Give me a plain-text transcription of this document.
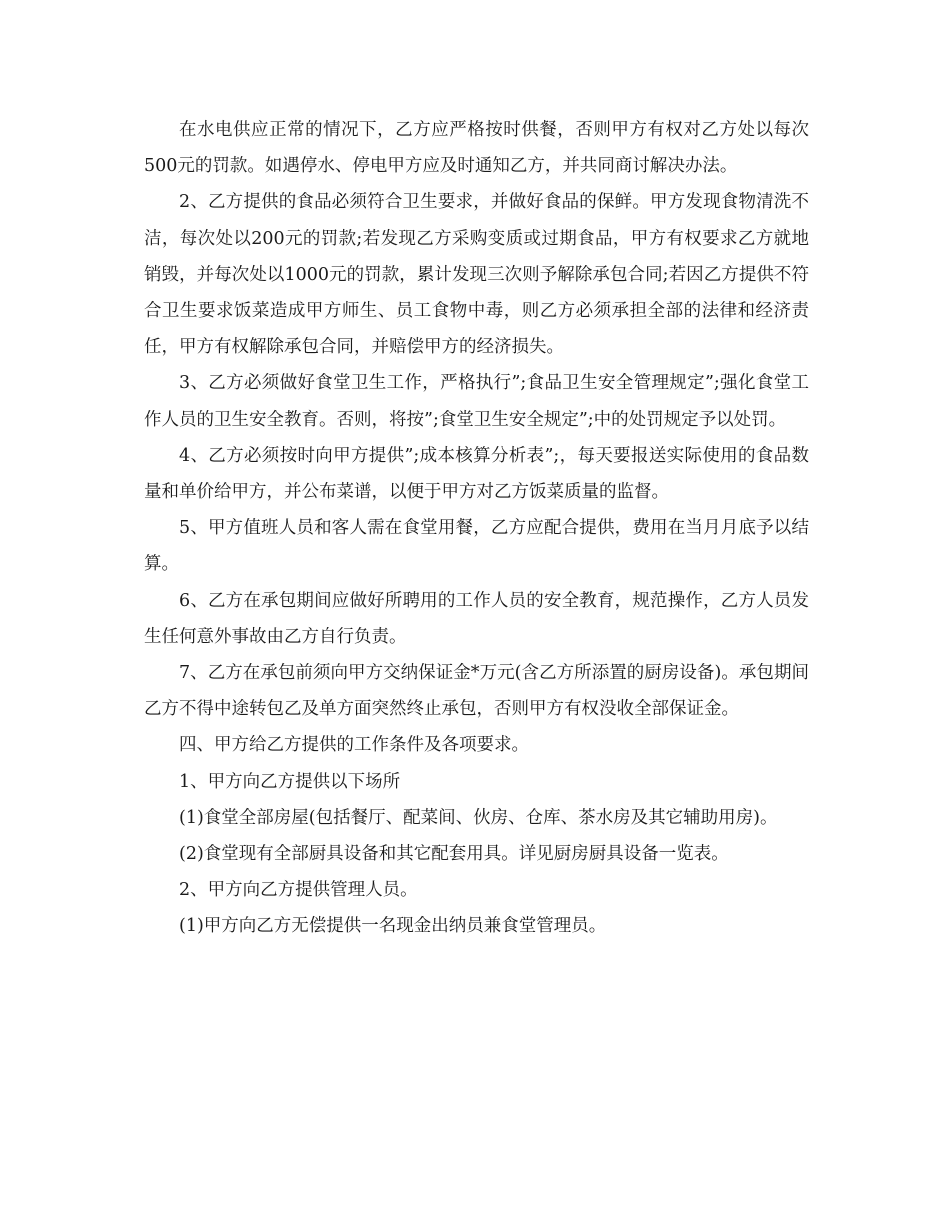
在水电供应正常的情况下，乙方应严格按时供餐，否则甲方有权对乙方处以每次500元的罚款。如遇停水、停电甲方应及时通知乙方，并共同商讨解决办法。

2、乙方提供的食品必须符合卫生要求，并做好食品的保鲜。甲方发现食物清洗不洁，每次处以200元的罚款;若发现乙方采购变质或过期食品，甲方有权要求乙方就地销毁，并每次处以1000元的罚款，累计发现三次则予解除承包合同;若因乙方提供不符合卫生要求饭菜造成甲方师生、员工食物中毒，则乙方必须承担全部的法律和经济责任，甲方有权解除承包合同，并赔偿甲方的经济损失。

3、乙方必须做好食堂卫生工作，严格执行”;食品卫生安全管理规定”;强化食堂工作人员的卫生安全教育。否则，将按”;食堂卫生安全规定”;中的处罚规定予以处罚。

4、乙方必须按时向甲方提供”;成本核算分析表”;，每天要报送实际使用的食品数量和单价给甲方，并公布菜谱，以便于甲方对乙方饭菜质量的监督。

5、甲方值班人员和客人需在食堂用餐，乙方应配合提供，费用在当月月底予以结算。

6、乙方在承包期间应做好所聘用的工作人员的安全教育，规范操作，乙方人员发生任何意外事故由乙方自行负责。

7、乙方在承包前须向甲方交纳保证金*万元(含乙方所添置的厨房设备)。承包期间乙方不得中途转包乙及单方面突然终止承包，否则甲方有权没收全部保证金。

四、甲方给乙方提供的工作条件及各项要求。

1、甲方向乙方提供以下场所

(1)食堂全部房屋(包括餐厅、配菜间、伙房、仓库、茶水房及其它辅助用房)。

(2)食堂现有全部厨具设备和其它配套用具。详见厨房厨具设备一览表。

2、甲方向乙方提供管理人员。

(1)甲方向乙方无偿提供一名现金出纳员兼食堂管理员。
